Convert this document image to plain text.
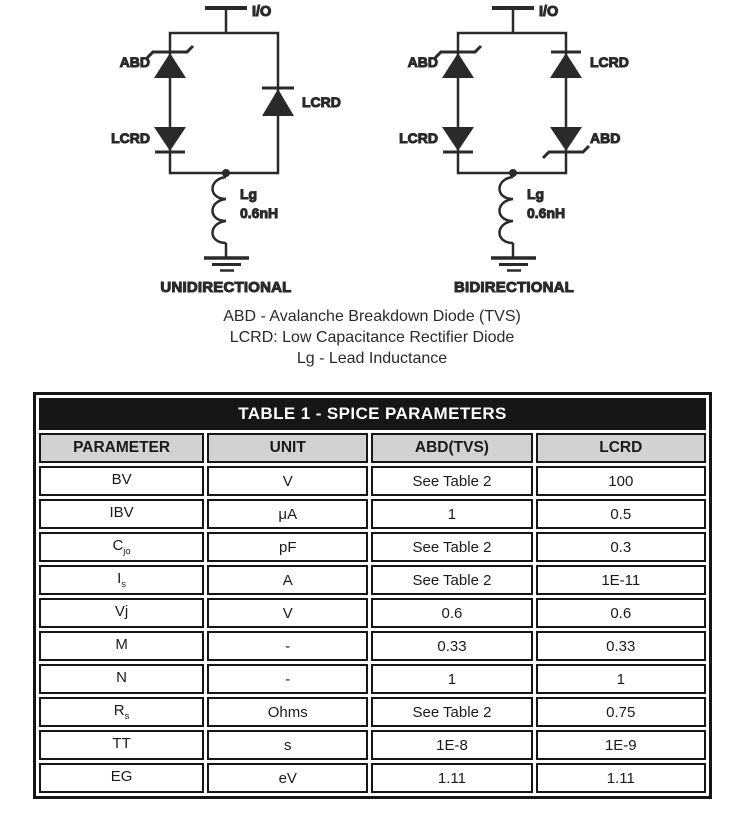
I/O
ABD
LCRD
LCRD
Lg
0.6nH
UNIDIRECTIONAL
I/O
ABD
LCRD
LCRD
ABD
Lg
0.6nH
BIDIRECTIONAL
ABD - Avalanche Breakdown Diode (TVS)
LCRD: Low Capacitance Rectifier Diode
Lg - Lead Inductance
TABLE 1 - SPICE PARAMETERS			
PARAMETER	UNIT	ABD(TVS)	LCRD
BV	V	See Table 2	100
IBV	μA	1	0.5
$C_{jo}$	pF	See Table 2	0.3
$I_s$	A	See Table 2	1E-11
Vj	V	0.6	0.6
M	-	0.33	0.33
N	-	1	1
$R_s$	Ohms	See Table 2	0.75
TT	s	1E-8	1E-9
EG	eV	1.11	1.11
